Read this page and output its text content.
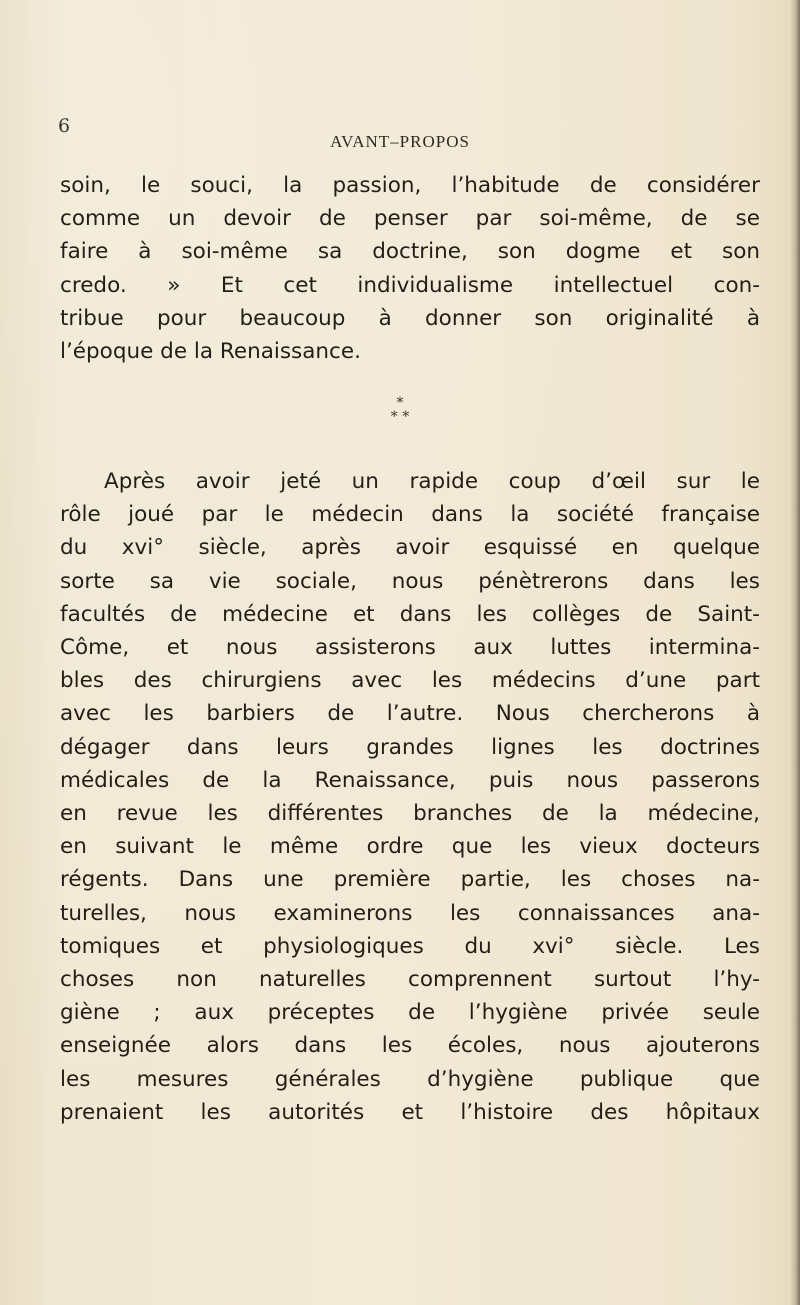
6
AVANT–PROPOS
soin, le souci, la passion, l’habitude de considérer
comme un devoir de penser par soi-même, de se
faire à soi-même sa doctrine, son dogme et son
credo. » Et cet individualisme intellectuel con-
tribue pour beaucoup à donner son originalité à
l’époque de la Renaissance.
*
* *
Après avoir jeté un rapide coup d’œil sur le
rôle joué par le médecin dans la société française
du xvi° siècle, après avoir esquissé en quelque
sorte sa vie sociale, nous pénètrerons dans les
facultés de médecine et dans les collèges de Saint-
Côme, et nous assisterons aux luttes intermina-
bles des chirurgiens avec les médecins d’une part
avec les barbiers de l’autre. Nous chercherons à
dégager dans leurs grandes lignes les doctrines
médicales de la Renaissance, puis nous passerons
en revue les différentes branches de la médecine,
en suivant le même ordre que les vieux docteurs
régents. Dans une première partie, les choses na-
turelles, nous examinerons les connaissances ana-
tomiques et physiologiques du xvi° siècle. Les
choses non naturelles comprennent surtout l’hy-
giène ; aux préceptes de l’hygiène privée seule
enseignée alors dans les écoles, nous ajouterons
les mesures générales d’hygiène publique que
prenaient les autorités et l’histoire des hôpitaux
